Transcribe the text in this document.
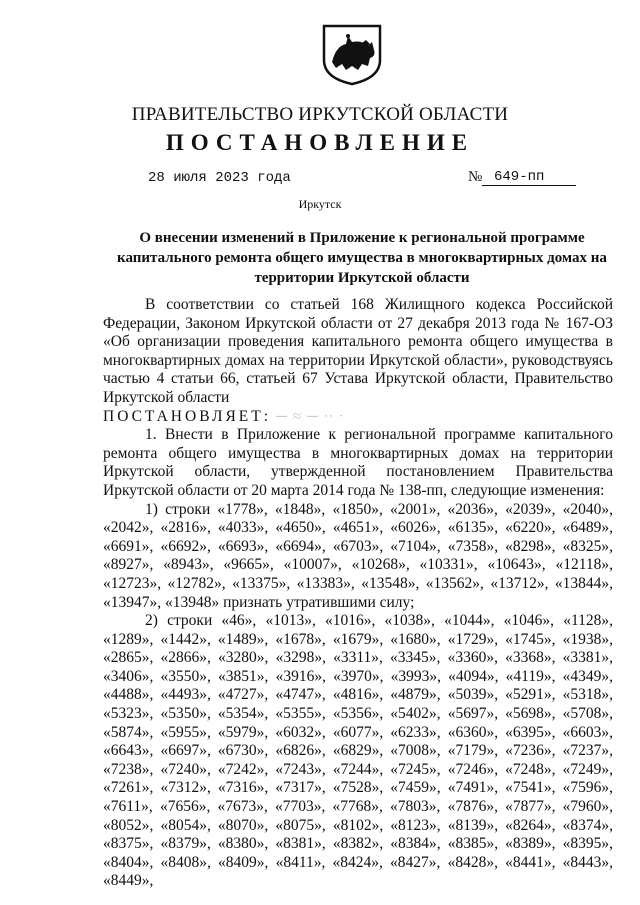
ПРАВИТЕЛЬСТВО ИРКУТСКОЙ ОБЛАСТИ
ПОСТАНОВЛЕНИЕ
28 июля 2023 года	№ 649-пп
Иркутск
О внесении изменений в Приложение к региональной программе капитального ремонта общего имущества в многоквартирных домах на территории Иркутской области

В соответствии со статьей 168 Жилищного кодекса Российской Федерации, Законом Иркутской области от 27 декабря 2013 года № 167-ОЗ «Об организации проведения капитального ремонта общего имущества в многоквартирных домах на территории Иркутской области», руководствуясь частью 4 статьи 66, статьей 67 Устава Иркутской области, Правительство Иркутской области

ПОСТАНОВЛЯЕТ: ─ ≈ ─ ∙∙ ·

1. Внести в Приложение к региональной программе капитального ремонта общего имущества в многоквартирных домах на территории Иркутской области, утвержденной постановлением Правительства Иркутской области от 20 марта 2014 года № 138-пп, следующие изменения:

1) строки «1778», «1848», «1850», «2001», «2036», «2039», «2040», «2042», «2816», «4033», «4650», «4651», «6026», «6135», «6220», «6489», «6691», «6692», «6693», «6694», «6703», «7104», «7358», «8298», «8325», «8927», «8943», «9665», «10007», «10268», «10331», «10643», «12118», «12723», «12782», «13375», «13383», «13548», «13562», «13712», «13844», «13947», «13948» признать утратившими силу;

2) строки «46», «1013», «1016», «1038», «1044», «1046», «1128», «1289», «1442», «1489», «1678», «1679», «1680», «1729», «1745», «1938», «2865», «2866», «3280», «3298», «3311», «3345», «3360», «3368», «3381», «3406», «3550», «3851», «3916», «3970», «3993», «4094», «4119», «4349», «4488», «4493», «4727», «4747», «4816», «4879», «5039», «5291», «5318», «5323», «5350», «5354», «5355», «5356», «5402», «5697», «5698», «5708», «5874», «5955», «5979», «6032», «6077», «6233», «6360», «6395», «6603», «6643», «6697», «6730», «6826», «6829», «7008», «7179», «7236», «7237», «7238», «7240», «7242», «7243», «7244», «7245», «7246», «7248», «7249», «7261», «7312», «7316», «7317», «7528», «7459», «7491», «7541», «7596», «7611», «7656», «7673», «7703», «7768», «7803», «7876», «7877», «7960», «8052», «8054», «8070», «8075», «8102», «8123», «8139», «8264», «8374», «8375», «8379», «8380», «8381», «8382», «8384», «8385», «8389», «8395», «8404», «8408», «8409», «8411», «8424», «8427», «8428», «8441», «8443», «8449»,
